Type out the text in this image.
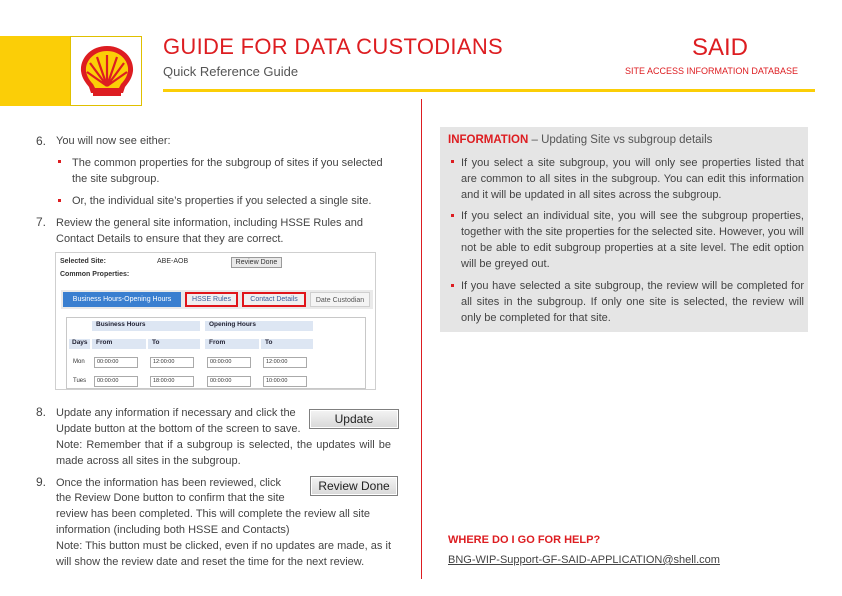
GUIDE FOR DATA CUSTODIANS
Quick Reference Guide
SAID
SITE ACCESS INFORMATION DATABASE
6. You will now see either:
The common properties for the subgroup of sites if you selected the site subgroup.
Or, the individual site’s properties if you selected a single site.
7. Review the general site information, including HSSE Rules and Contact Details to ensure that they are correct.
Selected Site:	ABE-AOB	Review Done
Common Properties:
Business Hours-Opening Hours	HSSE Rules	Contact Details	Date Custodian
Business Hours	Opening Hours
Days	From	To	From	To
Mon	00:00:00	12:00:00	00:00:00	12:00:00
Tues	00:00:00	18:00:00	00:00:00	10:00:00
8. Update any information if necessary and click the
Update button at the bottom of the screen to save.
Note: Remember that if a subgroup is selected, the updates will be made across all sites in the subgroup.
Update
9. Once the information has been reviewed, click
the Review Done button to confirm that the site
review has been completed. This will complete the review all site information (including both HSSE and Contacts)
Note: This button must be clicked, even if no updates are made, as it will show the review date and reset the time for the next review.
Review Done
INFORMATION – Updating Site vs subgroup details
If you select a site subgroup, you will only see properties listed that are common to all sites in the subgroup. You can edit this information and it will be updated in all sites across the subgroup.
If you select an individual site, you will see the subgroup properties, together with the site properties for the selected site. However, you will not be able to edit subgroup properties at a site level. The edit option will be greyed out.
If you have selected a site subgroup, the review will be completed for all sites in the subgroup. If only one site is selected, the review will only be completed for that site.
WHERE DO I GO FOR HELP?
BNG-WIP-Support-GF-SAID-APPLICATION@shell.com
